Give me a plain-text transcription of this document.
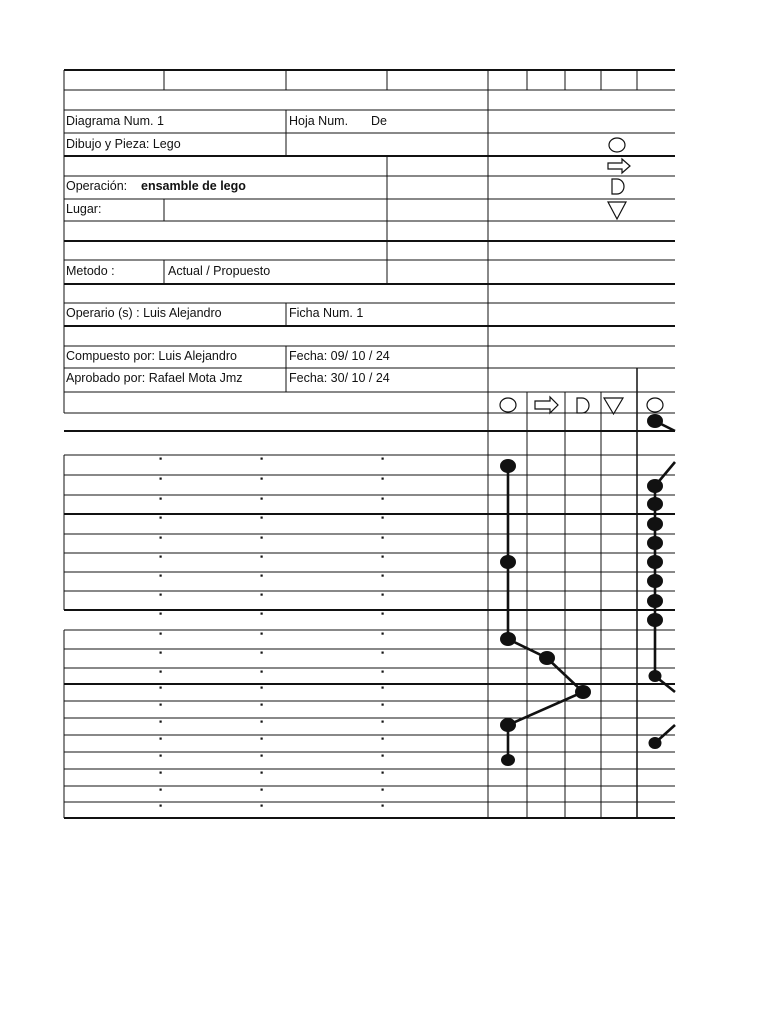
Diagrama Num. 1	Hoja Num. De
Dibujo y Pieza: Lego
Operación: ensamble de lego
Lugar:
Metodo :	Actual / Propuesto
Operario (s) : Luis Alejandro	Ficha Num. 1
Compuesto por: Luis Alejandro	Fecha: 09/ 10 / 24
Aprobado por: Rafael Mota Jmz	Fecha: 30/ 10 / 24
